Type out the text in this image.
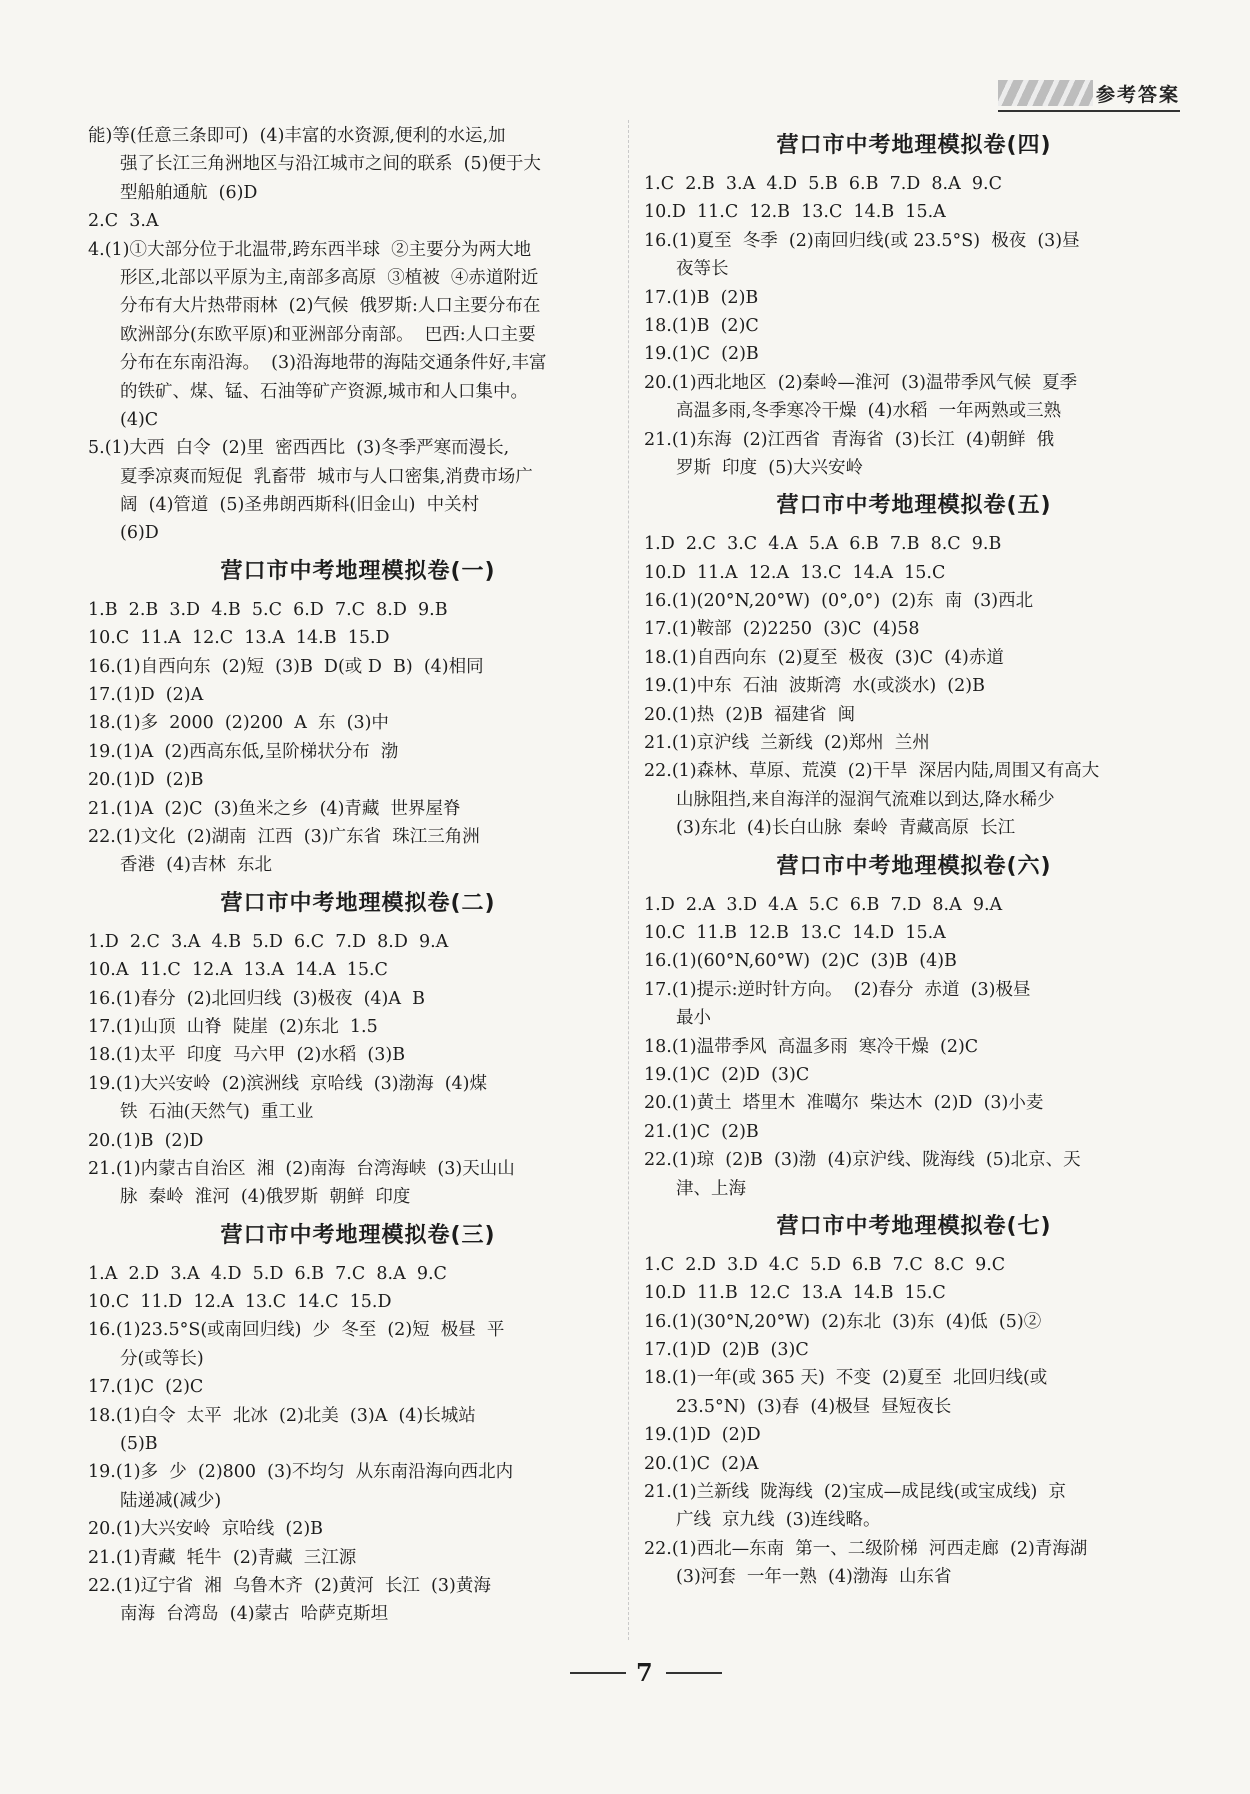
参考答案
能)等(任意三条即可)  (4)丰富的水资源,便利的水运,加
强了长江三角洲地区与沿江城市之间的联系  (5)便于大
型船舶通航  (6)D
2.C  3.A
4.(1)①大部分位于北温带,跨东西半球  ②主要分为两大地
形区,北部以平原为主,南部多高原  ③植被  ④赤道附近
分布有大片热带雨林  (2)气候  俄罗斯:人口主要分布在
欧洲部分(东欧平原)和亚洲部分南部。  巴西:人口主要
分布在东南沿海。  (3)沿海地带的海陆交通条件好,丰富
的铁矿、煤、锰、石油等矿产资源,城市和人口集中。
(4)C
5.(1)大西  白令  (2)里  密西西比  (3)冬季严寒而漫长,
夏季凉爽而短促  乳畜带  城市与人口密集,消费市场广
阔  (4)管道  (5)圣弗朗西斯科(旧金山)  中关村
(6)D
营口市中考地理模拟卷(一)
1.B  2.B  3.D  4.B  5.C  6.D  7.C  8.D  9.B
10.C  11.A  12.C  13.A  14.B  15.D
16.(1)自西向东  (2)短  (3)B  D(或 D  B)  (4)相同
17.(1)D  (2)A
18.(1)多  2000  (2)200  A  东  (3)中
19.(1)A  (2)西高东低,呈阶梯状分布  渤
20.(1)D  (2)B
21.(1)A  (2)C  (3)鱼米之乡  (4)青藏  世界屋脊
22.(1)文化  (2)湖南  江西  (3)广东省  珠江三角洲
香港  (4)吉林  东北
营口市中考地理模拟卷(二)
1.D  2.C  3.A  4.B  5.D  6.C  7.D  8.D  9.A
10.A  11.C  12.A  13.A  14.A  15.C
16.(1)春分  (2)北回归线  (3)极夜  (4)A  B
17.(1)山顶  山脊  陡崖  (2)东北  1.5
18.(1)太平  印度  马六甲  (2)水稻  (3)B
19.(1)大兴安岭  (2)滨洲线  京哈线  (3)渤海  (4)煤
铁  石油(天然气)  重工业
20.(1)B  (2)D
21.(1)内蒙古自治区  湘  (2)南海  台湾海峡  (3)天山山
脉  秦岭  淮河  (4)俄罗斯  朝鲜  印度
营口市中考地理模拟卷(三)
1.A  2.D  3.A  4.D  5.D  6.B  7.C  8.A  9.C
10.C  11.D  12.A  13.C  14.C  15.D
16.(1)23.5°S(或南回归线)  少  冬至  (2)短  极昼  平
分(或等长)
17.(1)C  (2)C
18.(1)白令  太平  北冰  (2)北美  (3)A  (4)长城站
(5)B
19.(1)多  少  (2)800  (3)不均匀  从东南沿海向西北内
陆递减(减少)
20.(1)大兴安岭  京哈线  (2)B
21.(1)青藏  牦牛  (2)青藏  三江源
22.(1)辽宁省  湘  乌鲁木齐  (2)黄河  长江  (3)黄海
南海  台湾岛  (4)蒙古  哈萨克斯坦
营口市中考地理模拟卷(四)
1.C  2.B  3.A  4.D  5.B  6.B  7.D  8.A  9.C
10.D  11.C  12.B  13.C  14.B  15.A
16.(1)夏至  冬季  (2)南回归线(或 23.5°S)  极夜  (3)昼
夜等长
17.(1)B  (2)B
18.(1)B  (2)C
19.(1)C  (2)B
20.(1)西北地区  (2)秦岭—淮河  (3)温带季风气候  夏季
高温多雨,冬季寒冷干燥  (4)水稻  一年两熟或三熟
21.(1)东海  (2)江西省  青海省  (3)长江  (4)朝鲜  俄
罗斯  印度  (5)大兴安岭
营口市中考地理模拟卷(五)
1.D  2.C  3.C  4.A  5.A  6.B  7.B  8.C  9.B
10.D  11.A  12.A  13.C  14.A  15.C
16.(1)(20°N,20°W)  (0°,0°)  (2)东  南  (3)西北
17.(1)鞍部  (2)2250  (3)C  (4)58
18.(1)自西向东  (2)夏至  极夜  (3)C  (4)赤道
19.(1)中东  石油  波斯湾  水(或淡水)  (2)B
20.(1)热  (2)B  福建省  闽
21.(1)京沪线  兰新线  (2)郑州  兰州
22.(1)森林、草原、荒漠  (2)干旱  深居内陆,周围又有高大
山脉阻挡,来自海洋的湿润气流难以到达,降水稀少
(3)东北  (4)长白山脉  秦岭  青藏高原  长江
营口市中考地理模拟卷(六)
1.D  2.A  3.D  4.A  5.C  6.B  7.D  8.A  9.A
10.C  11.B  12.B  13.C  14.D  15.A
16.(1)(60°N,60°W)  (2)C  (3)B  (4)B
17.(1)提示:逆时针方向。  (2)春分  赤道  (3)极昼
最小
18.(1)温带季风  高温多雨  寒冷干燥  (2)C
19.(1)C  (2)D  (3)C
20.(1)黄土  塔里木  准噶尔  柴达木  (2)D  (3)小麦
21.(1)C  (2)B
22.(1)琼  (2)B  (3)渤  (4)京沪线、陇海线  (5)北京、天
津、上海
营口市中考地理模拟卷(七)
1.C  2.D  3.D  4.C  5.D  6.B  7.C  8.C  9.C
10.D  11.B  12.C  13.A  14.B  15.C
16.(1)(30°N,20°W)  (2)东北  (3)东  (4)低  (5)②
17.(1)D  (2)B  (3)C
18.(1)一年(或 365 天)  不变  (2)夏至  北回归线(或
23.5°N)  (3)春  (4)极昼  昼短夜长
19.(1)D  (2)D
20.(1)C  (2)A
21.(1)兰新线  陇海线  (2)宝成—成昆线(或宝成线)  京
广线  京九线  (3)连线略。
22.(1)西北—东南  第一、二级阶梯  河西走廊  (2)青海湖
(3)河套  一年一熟  (4)渤海  山东省
7
